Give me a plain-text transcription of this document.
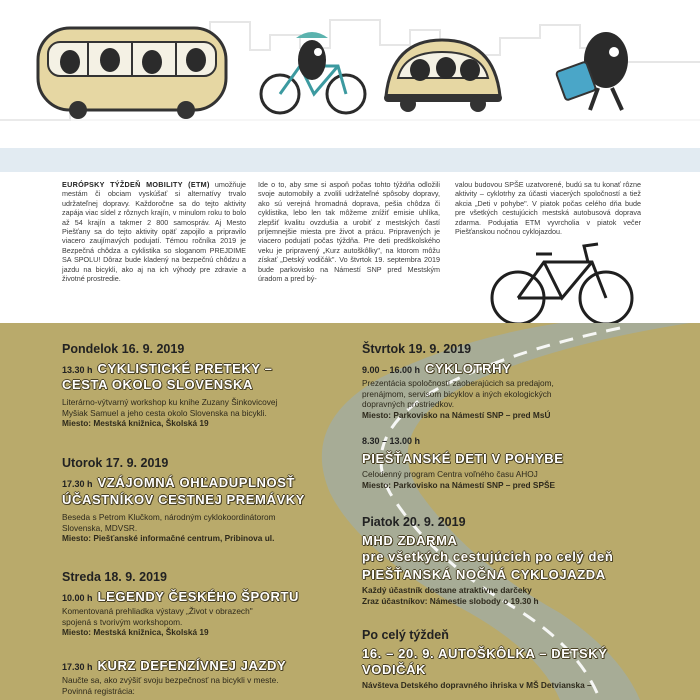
EURÓPSKY TÝŽDEŇ MOBILITY (ETM) umožňuje mestám či obciam vyskúšať si alternatívy trvalo udržateľnej dopravy. Každoročne sa do tejto aktivity zapája viac sídel z rôznych krajín, v minulom roku to bolo až 54 krajín a takmer 2 800 samospráv. Aj Mesto Piešťany sa do tejto aktivity opäť zapojilo a pripravilo viacero zaujímavých podujatí. Témou ročníka 2019 je Bezpečná chôdza a cyklistika so sloganom PREJDIME SA SPOLU! Dôraz bude kladený na bezpečnú chôdzu a jazdu na bicykli, ako aj na ich výhody pre zdravie a životné prostredie.
Ide o to, aby sme si aspoň počas tohto týždňa odložili svoje automobily a zvolili udržateľné spôsoby dopravy, ako sú verejná hromadná doprava, pešia chôdza či cyklistika, lebo len tak môžeme znížiť emisie uhlíka, zlepšiť kvalitu ovzdušia a urobiť z mestských častí príjemnejšie miesta pre život a prácu. Pripravených je viacero podujatí počas týždňa. Pre deti predškolského veku je pripravený „Kurz autoškôlky", na ktorom môžu získať „Detský vodičák". Vo štvrtok 19. septembra 2019 bude parkovisko na Námestí SNP pred Mestským úradom a pred bý-
valou budovou SPŠE uzatvorené, budú sa tu konať rôzne aktivity – cyklotrhy za účasti viacerých spoločností a tiež akcia „Deti v pohybe". V piatok počas celého dňa bude pre všetkých cestujúcich mestská autobusová doprava zdarma. Podujatia ETM vyvrcholia v piatok večer Piešťanskou nočnou cyklojazdou.
Pondelok 16. 9. 2019
13.30 h CYKLISTICKÉ PRETEKY –
CESTA OKOLO SLOVENSKA
Literárno-výtvarný workshop ku knihe Zuzany Šinkovicovej
Myšiak Samuel a jeho cesta okolo Slovenska na bicykli.
Miesto: Mestská knižnica, Školská 19
Utorok 17. 9. 2019
17.30 h VZÁJOMNÁ OHĽADUPLNOSŤ
ÚČASTNÍKOV CESTNEJ PREMÁVKY
Beseda s Petrom Klučkom, národným cyklokoordinátorom
Slovenska, MDVSR.
Miesto: Piešťanské informačné centrum, Pribinova ul.
Streda 18. 9. 2019
10.00 h LEGENDY ČESKÉHO ŠPORTU
Komentovaná prehliadka výstavy „Život v obrazech"
spojená s tvorivým workshopom.
Miesto: Mestská knižnica, Školská 19
17.30 h KURZ DEFENZÍVNEJ JAZDY
Naučte sa, ako zvýšiť svoju bezpečnosť na bicykli v meste.
Povinná registrácia:
Štvrtok 19. 9. 2019
9.00 – 16.00 h CYKLOTRHY
Prezentácia spoločností zaoberajúcich sa predajom,
prenájmom, servisom bicyklov a iných ekologických
dopravných prostriedkov.
Miesto: Parkovisko na Námestí SNP – pred MsÚ
8.30 – 13.00 h
PIEŠŤANSKÉ DETI V POHYBE
Celodenný program Centra voľného času AHOJ
Miesto: Parkovisko na Námestí SNP – pred SPŠE
Piatok 20. 9. 2019
MHD ZDARMA
pre všetkých cestujúcich po celý deň
PIEŠŤANSKÁ NOČNÁ CYKLOJAZDA
Každý účastník dostane atraktívne darčeky
Zraz účastníkov: Námestie slobody o 19.30 h
Po celý týždeň
16. – 20. 9. AUTOŠKÔLKA – DETSKÝ
VODIČÁK
Návšteva Detského dopravného ihriska v MŠ Detvianska –
